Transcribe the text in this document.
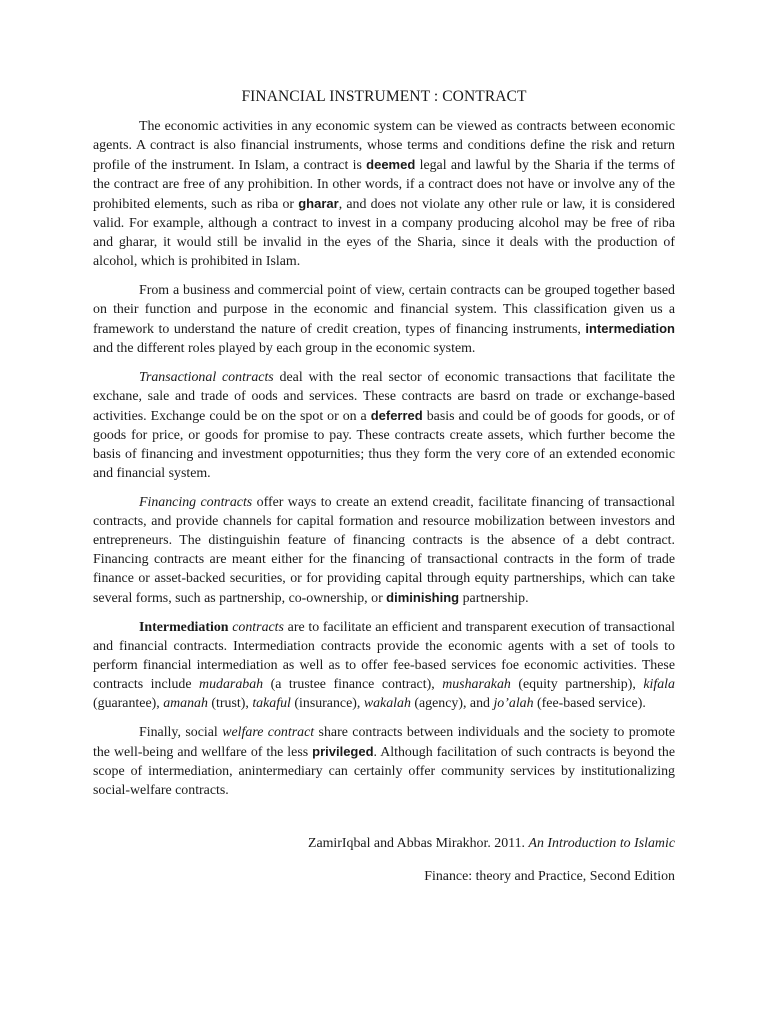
FINANCIAL INSTRUMENT : CONTRACT

The economic activities in any economic system can be viewed as contracts between economic agents. A contract is also financial instruments, whose terms and conditions define the risk and return profile of the instrument. In Islam, a contract is deemed legal and lawful by the Sharia if the terms of the contract are free of any prohibition. In other words, if a contract does not have or involve any of the prohibited elements, such as riba or gharar, and does not violate any other rule or law, it is considered valid. For example, although a contract to invest in a company producing alcohol may be free of riba and gharar, it would still be invalid in the eyes of the Sharia, since it deals with the production of alcohol, which is prohibited in Islam.

From a business and commercial point of view, certain contracts can be grouped together based on their function and purpose in the economic and financial system. This classification given us a framework to understand the nature of credit creation, types of financing instruments, intermediation and the different roles played by each group in the economic system.

Transactional contracts deal with the real sector of economic transactions that facilitate the exchane, sale and trade of oods and services. These contracts are basrd on trade or exchange-based activities. Exchange could be on the spot or on a deferred basis and could be of goods for goods, or of goods for price, or goods for promise to pay. These contracts create assets, which further become the basis of financing and investment oppoturnities; thus they form the very core of an extended economic and financial system.

Financing contracts offer ways to create an extend creadit, facilitate financing of transactional contracts, and provide channels for capital formation and resource mobilization between investors and entrepreneurs. The distinguishin feature of financing contracts is the absence of a debt contract. Financing contracts are meant either for the financing of transactional contracts in the form of trade finance or asset-backed securities, or for providing capital through equity partnerships, which can take several forms, such as partnership, co-ownership, or diminishing partnership.

Intermediation contracts are to facilitate an efficient and transparent execution of transactional and financial contracts. Intermediation contracts provide the economic agents with a set of tools to perform financial intermediation as well as to offer fee-based services foe economic activities. These contracts include mudarabah (a trustee finance contract), musharakah (equity partnership), kifala (guarantee), amanah (trust), takaful (insurance), wakalah (agency), and jo’alah (fee-based service).

Finally, social welfare contract share contracts between individuals and the society to promote the well-being and wellfare of the less privileged. Although facilitation of such contracts is beyond the scope of intermediation, anintermediary can certainly offer community services by institutionalizing social-welfare contracts.

ZamirIqbal and Abbas Mirakhor. 2011. An Introduction to Islamic

Finance: theory and Practice, Second Edition
